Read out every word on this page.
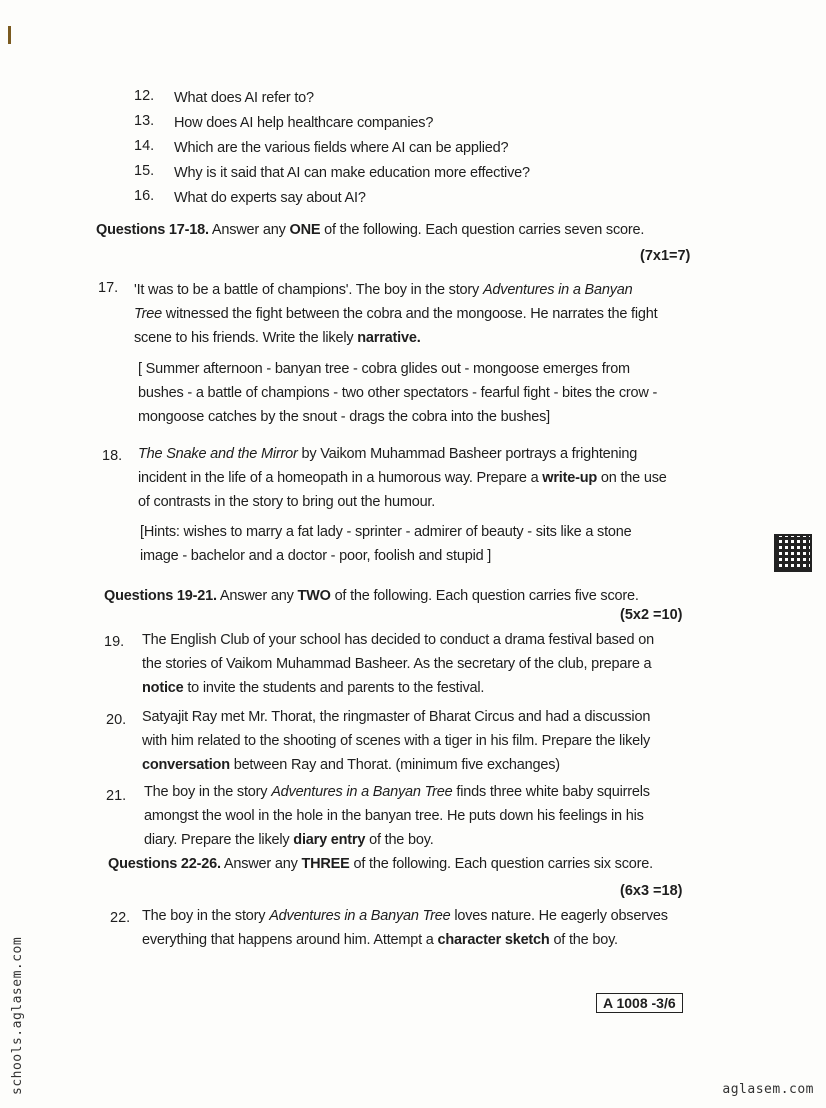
12. What does AI refer to?
13. How does AI help healthcare companies?
14. Which are the various fields where AI can be applied?
15. Why is it said that AI can make education more effective?
16. What do experts say about AI?
Questions 17-18. Answer any ONE of the following. Each question carries seven score.
(7x1=7)
17. 'It was to be a battle of champions'. The boy in the story Adventures in a Banyan
Tree witnessed the fight between the cobra and the mongoose. He narrates the fight
scene to his friends. Write the likely narrative.
[ Summer afternoon - banyan tree - cobra glides out - mongoose emerges from
bushes - a battle of champions - two other spectators - fearful fight - bites the crow -
mongoose catches by the snout - drags the cobra into the bushes]
18. The Snake and the Mirror by Vaikom Muhammad Basheer portrays a frightening
incident in the life of a homeopath in a humorous way. Prepare a write-up on the use
of contrasts in the story to bring out the humour.
[Hints: wishes to marry a fat lady - sprinter - admirer of beauty - sits like a stone
image - bachelor and a doctor - poor, foolish and stupid ]
Questions 19-21. Answer any TWO of the following. Each question carries five score.
(5x2 =10)
19. The English Club of your school has decided to conduct a drama festival based on
the stories of Vaikom Muhammad Basheer. As the secretary of the club, prepare a
notice to invite the students and parents to the festival.
20. Satyajit Ray met Mr. Thorat, the ringmaster of Bharat Circus and had a discussion
with him related to the shooting of scenes with a tiger in his film. Prepare the likely
conversation between Ray and Thorat. (minimum five exchanges)
21. The boy in the story Adventures in a Banyan Tree finds three white baby squirrels
amongst the wool in the hole in the banyan tree. He puts down his feelings in his
diary. Prepare the likely diary entry of the boy.
Questions 22-26. Answer any THREE of the following. Each question carries six score.
(6x3 =18)
22. The boy in the story Adventures in a Banyan Tree loves nature. He eagerly observes
everything that happens around him. Attempt a character sketch of the boy.
A 1008 -3/6
schools.aglasem.com	aglasem.com
